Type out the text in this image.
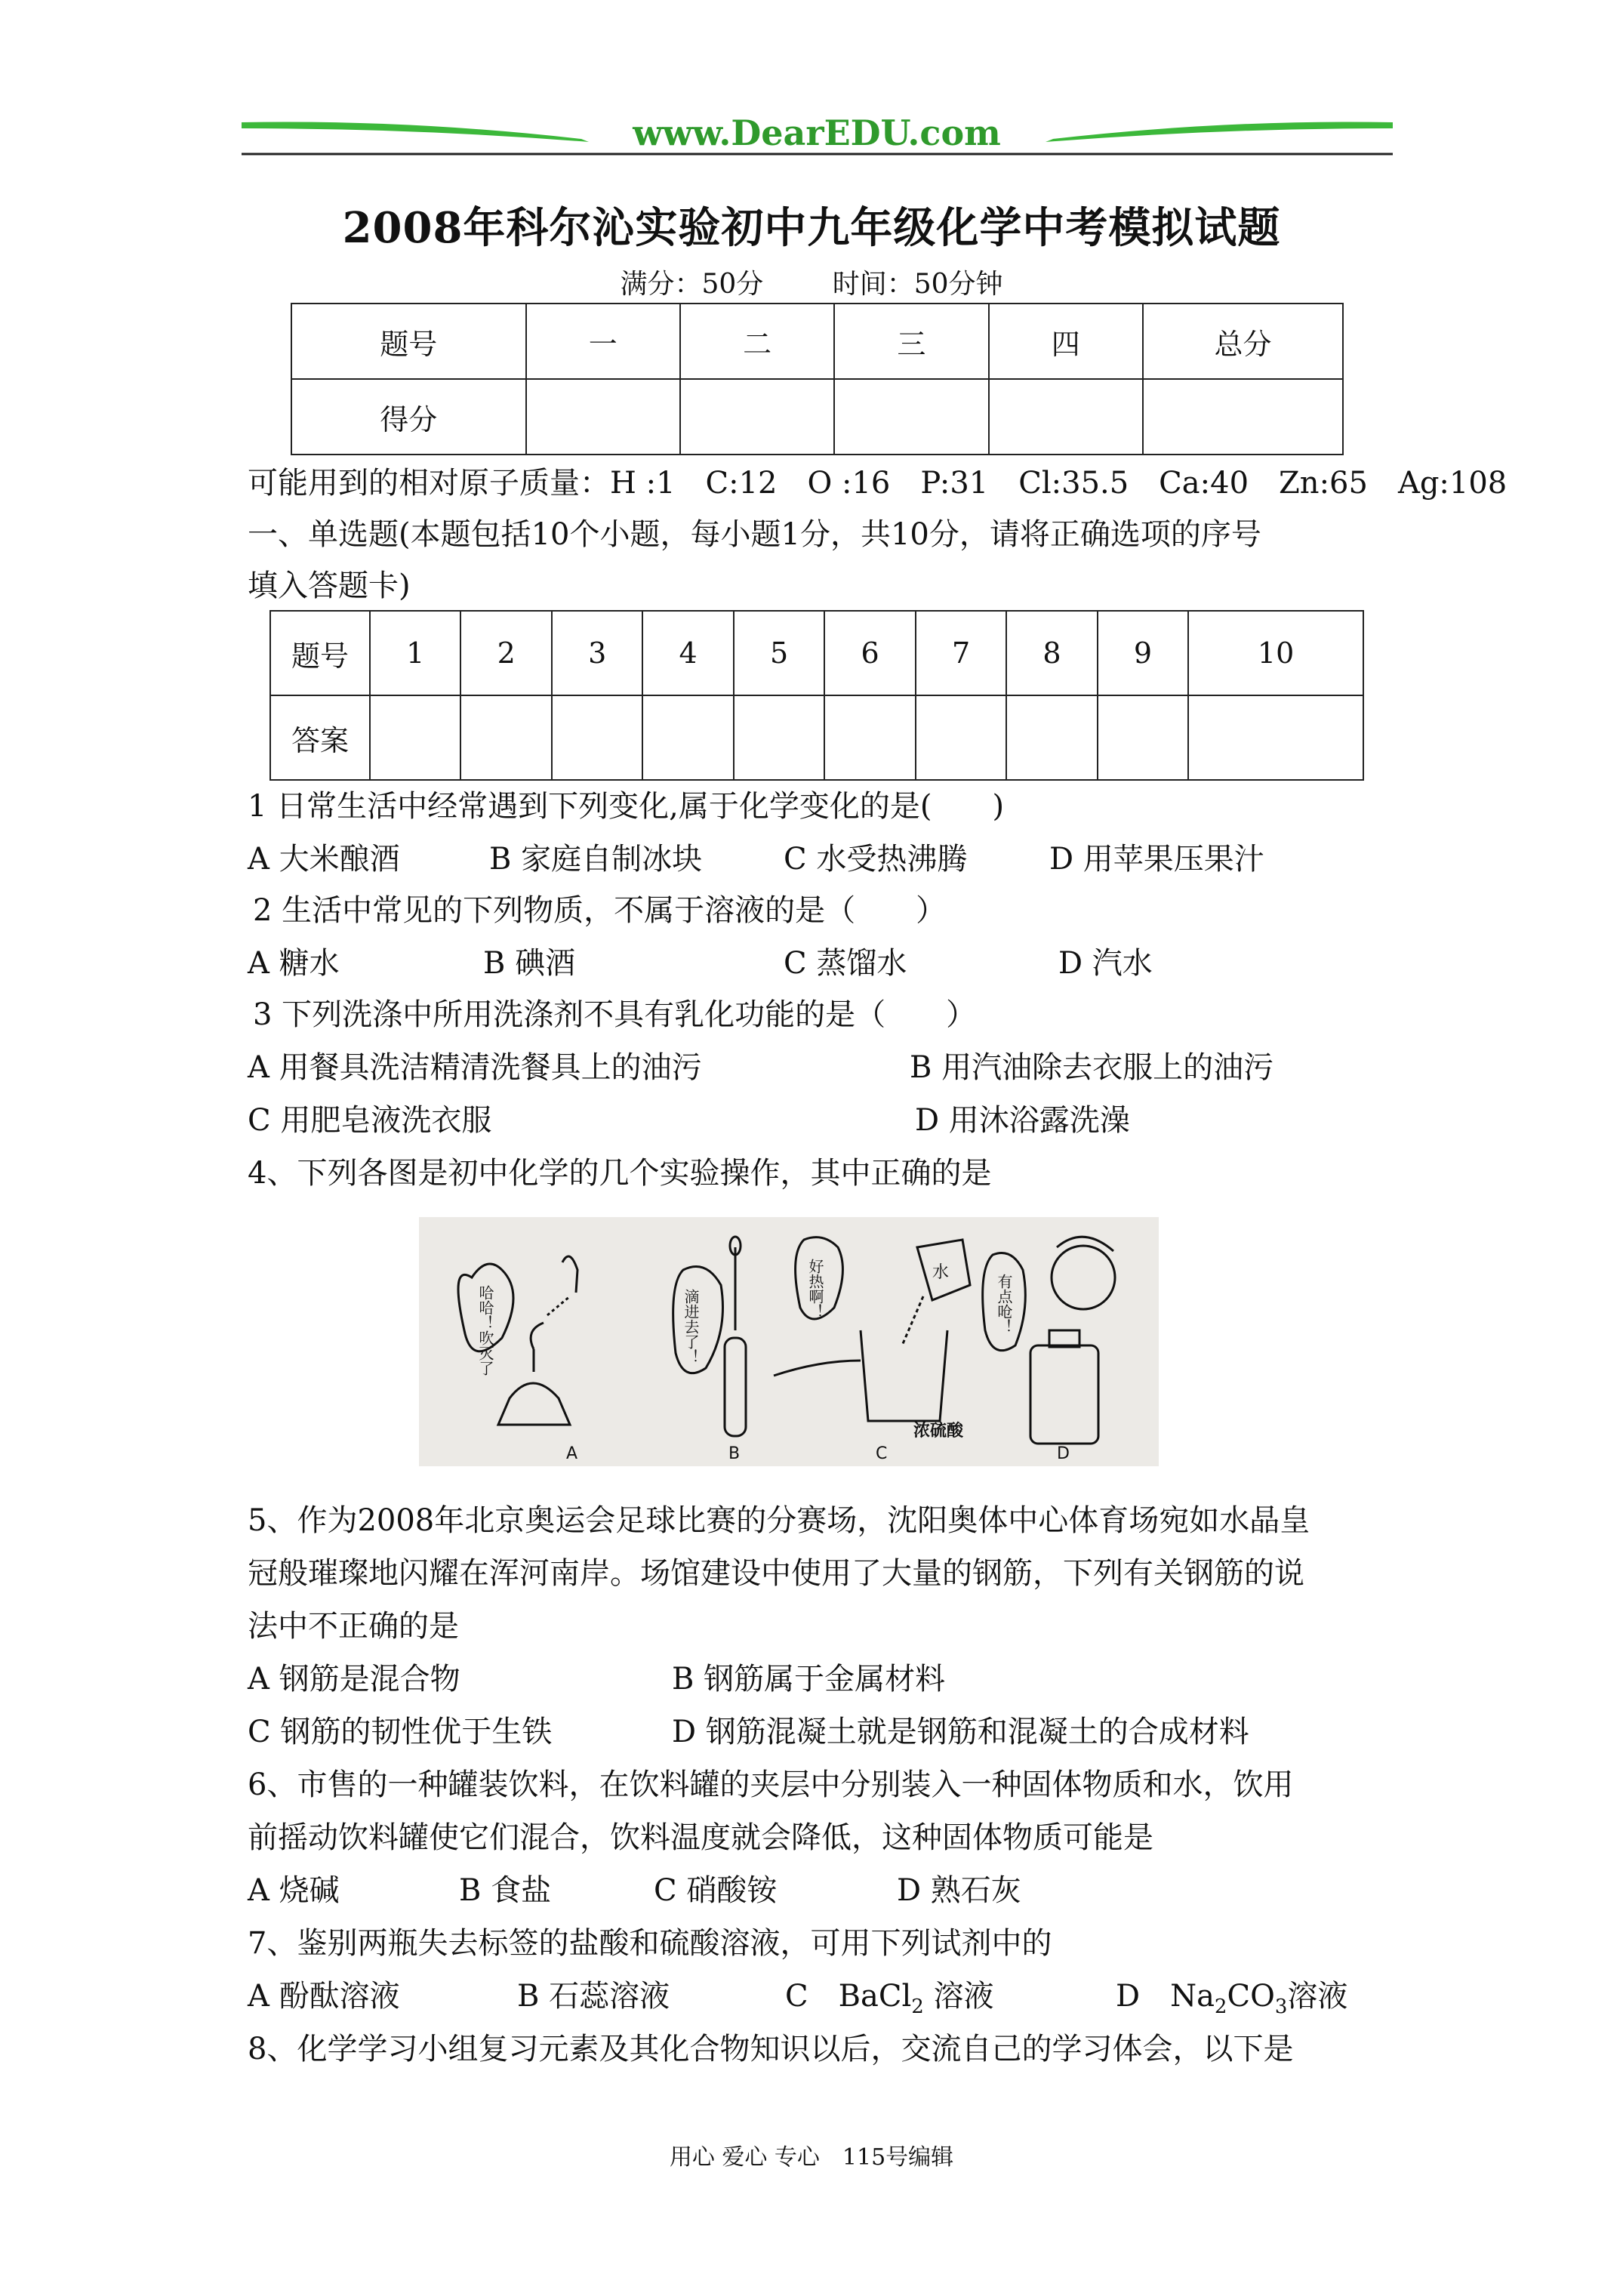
www.DearEDU.com
2008年科尔沁实验初中九年级化学中考模拟试题
满分：50分	时间：50分钟
题号	一	二	三	四	总分
得分					
可能用到的相对原子质量：H :1　C:12　O :16　P:31　Cl:35.5　Ca:40　Zn:65　Ag:108
一、单选题(本题包括10个小题，每小题1分，共10分，请将正确选项的序号
填入答题卡)
题号	1	2	3	4	5	6	7	8	9	10
答案										
1 日常生活中经常遇到下列变化,属于化学变化的是(　　)
A 大米酿酒	B 家庭自制冰块	C 水受热沸腾	D 用苹果压果汁
2 生活中常见的下列物质，不属于溶液的是（　　）
A 糖水	B 碘酒	C 蒸馏水	D 汽水
3 下列洗涤中所用洗涤剂不具有乳化功能的是（　　）
A 用餐具洗洁精清洗餐具上的油污	B 用汽油除去衣服上的油污
C 用肥皂液洗衣服	D 用沐浴露洗澡
4、下列各图是初中化学的几个实验操作，其中正确的是
哈哈！吹灭了
A
滴进去了！
B
好热啊！	水
浓硫酸
C
有点呛！
D
5、作为2008年北京奥运会足球比赛的分赛场，沈阳奥体中心体育场宛如水晶皇
冠般璀璨地闪耀在浑河南岸。场馆建设中使用了大量的钢筋，下列有关钢筋的说
法中不正确的是
A 钢筋是混合物	B 钢筋属于金属材料
C 钢筋的韧性优于生铁	D 钢筋混凝土就是钢筋和混凝土的合成材料
6、市售的一种罐装饮料，在饮料罐的夹层中分别装入一种固体物质和水，饮用
前摇动饮料罐使它们混合，饮料温度就会降低，这种固体物质可能是
A 烧碱	B 食盐	C 硝酸铵	D 熟石灰
7、鉴别两瓶失去标签的盐酸和硫酸溶液，可用下列试剂中的
A 酚酞溶液	B 石蕊溶液	C　BaCl$_2$ 溶液	D　$Na_2CO_3$溶液
8、化学学习小组复习元素及其化合物知识以后，交流自己的学习体会，以下是
用心 爱心 专心　115号编辑
